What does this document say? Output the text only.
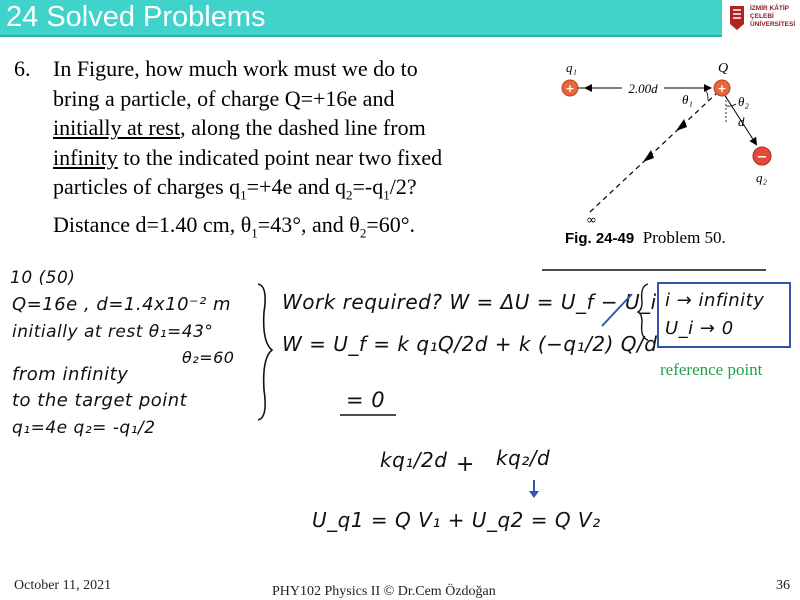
24 Solved Problems	İZMİR KÂTİP ÇELEBİ ÜNİVERSİTESİ
6. In Figure, how much work must we do to
bring a particle, of charge Q=+16e and
initially at rest, along the dashed line from
infinity to the indicated point near two fixed
particles of charges $q_1=+4e$ and $q_2=-q_1/2$?
Distance d=1.40 cm, $\theta_1=43^\circ$, and $\theta_2=60^\circ$.
2.00d
+	+
−
q₁	Q
θ₁	θ₂
d
q₂
∞
Fig. 24-49 Problem 50.
10 (50)
Q=16e , d=1.4x10⁻² m
initially at rest θ₁=43°
θ₂=60
from infinity
to the target point
q₁=4e q₂= -q₁/2
Work required? W = ΔU = U_f − U_i i → infinity
U_i → 0
reference point
W = U_f = k q₁Q/2d + k (−q₁/2) Q/d
= 0
kq₁/2d + kq₂/d
U_q1 = Q V₁ + U_q2 = Q V₂
October 11, 2021	PHY102 Physics II © Dr.Cem Özdoğan	36
